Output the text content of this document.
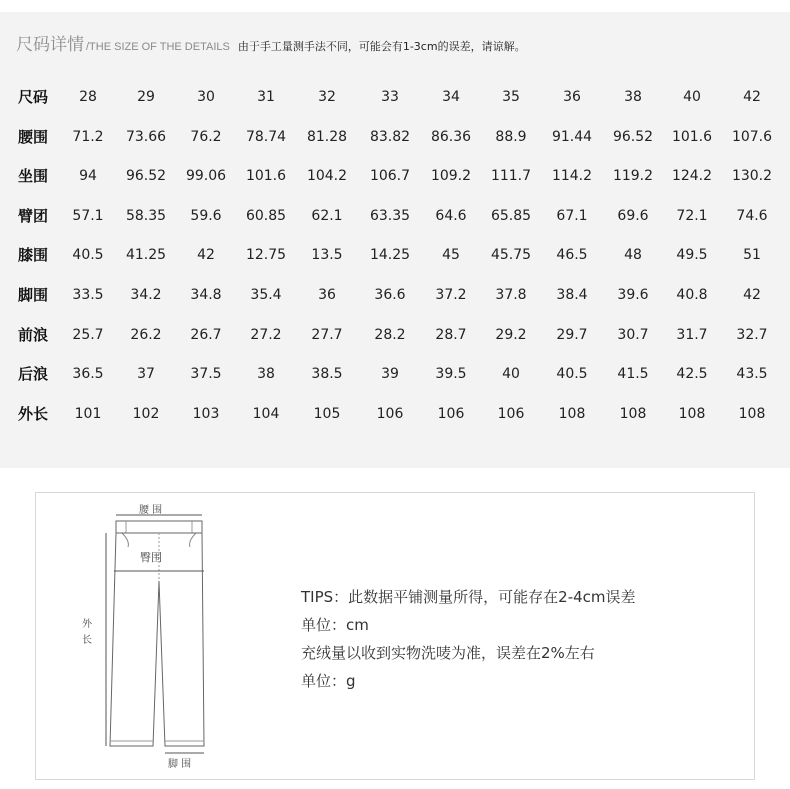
尺码详情 /THE SIZE OF THE DETAILS 由于手工量测手法不同，可能会有1-3cm的误差，请谅解。
尺码 28	29	30	31	32	33	34	35	36	38	40	42
腰围 71.2 73.66 76.2 78.74 81.28 83.82 86.36 88.9 91.44 96.52 101.6 107.6
坐围 94 96.52 99.06 101.6 104.2 106.7 109.2 111.7 114.2 119.2 124.2 130.2
臂团 57.1 58.35 59.6 60.85 62.1 63.35 64.6 65.85 67.1 69.6 72.1 74.6
膝围 40.5 41.25 42 12.75 13.5 14.25 45 45.75 46.5	48 49.5	51
脚围 33.5 34.2 34.8 35.4	36	36.6 37.2 37.8 38.4 39.6 40.8	42
前浪 25.7 26.2 26.7 27.2 27.7 28.2 28.7 29.2 29.7 30.7 31.7 32.7
后浪 36.5 37	37.5	38	38.5	39	39.5	40	40.5 41.5 42.5 43.5
外长 101 102 103 104 105	106 106 106 108 108 108 108
腰 围
臀围
外
长
脚 围
TIPS：此数据平铺测量所得，可能存在2-4cm误差
单位：cm
充绒量以收到实物洗唛为准，误差在2%左右
单位：g
